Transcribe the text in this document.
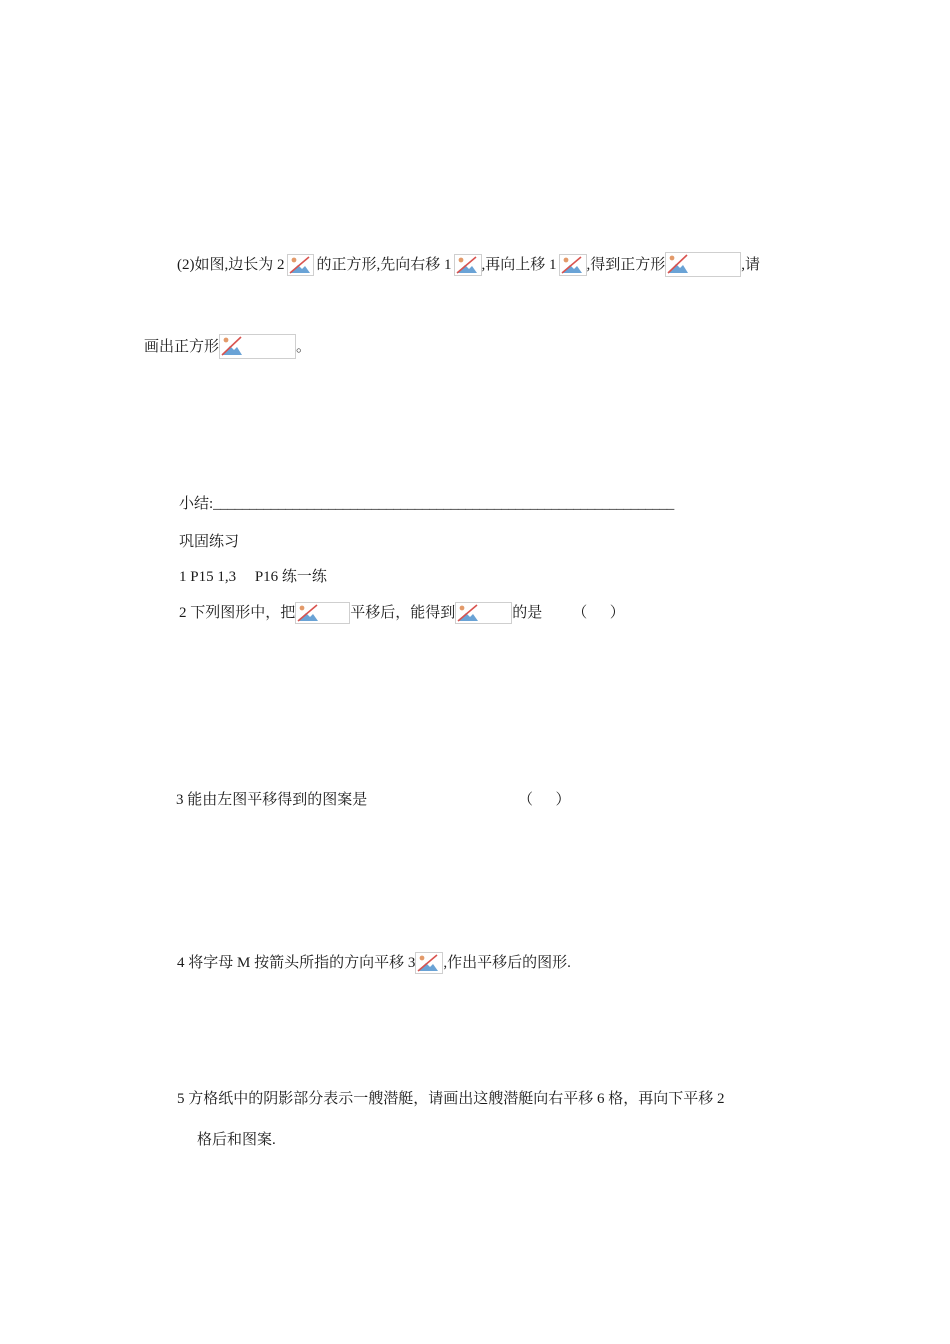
(2)如图,边长为 2 的正方形,先向右移 1 ,再向上移 1 ,得到正方形	,请
画出正方形	。
小结: ________________________________________________________________
巩固练习
1 P15 1,3     P16 练一练
2 下列图形中，把	平移后，能得到	的是 （      ）
3 能由左图平移得到的图案是	（      ）
4 将字母 M 按箭头所指的方向平移 3 ,作出平移后的图形.
5 方格纸中的阴影部分表示一艘潜艇，请画出这艘潜艇向右平移 6 格，再向下平移 2
格后和图案.
